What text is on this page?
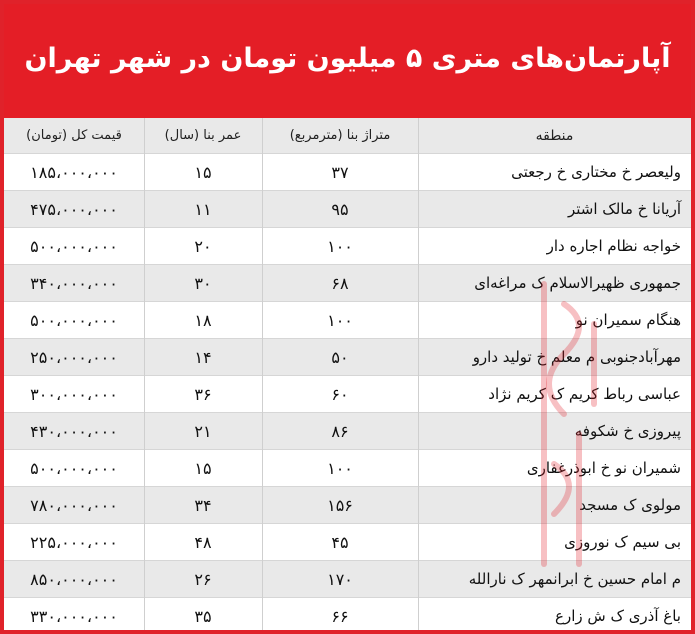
آپارتمان‌های متری ۵ میلیون تومان در شهر تهران
منطقه
متراژ بنا (مترمربع)
عمر بنا (سال)
قیمت کل (تومان)
ولیعصر خ مختاری خ رجعتی
۳۷
۱۵
۱۸۵،۰۰۰،۰۰۰
آریانا خ مالک اشتر
۹۵
۱۱
۴۷۵،۰۰۰،۰۰۰
خواجه نظام اجاره دار
۱۰۰
۲۰
۵۰۰،۰۰۰،۰۰۰
جمهوری ظهیرالاسلام ک مراغه‌ای
۶۸
۳۰
۳۴۰،۰۰۰،۰۰۰
هنگام سمیران نو
۱۰۰
۱۸
۵۰۰،۰۰۰،۰۰۰
مهرآبادجنوبی م معلم خ تولید دارو
۵۰
۱۴
۲۵۰،۰۰۰،۰۰۰
عباسی رباط کریم ک کریم نژاد
۶۰
۳۶
۳۰۰،۰۰۰،۰۰۰
پیروزی خ شکوفه
۸۶
۲۱
۴۳۰،۰۰۰،۰۰۰
شمیران نو خ ابوذرغفاری
۱۰۰
۱۵
۵۰۰،۰۰۰،۰۰۰
مولوی ک مسجد
۱۵۶
۳۴
۷۸۰،۰۰۰،۰۰۰
بی سیم ک نوروزی
۴۵
۴۸
۲۲۵،۰۰۰،۰۰۰
م امام حسین خ ابرانمهر ک نارالله
۱۷۰
۲۶
۸۵۰،۰۰۰،۰۰۰
باغ آذری ک ش زارع
۶۶
۳۵
۳۳۰،۰۰۰،۰۰۰
